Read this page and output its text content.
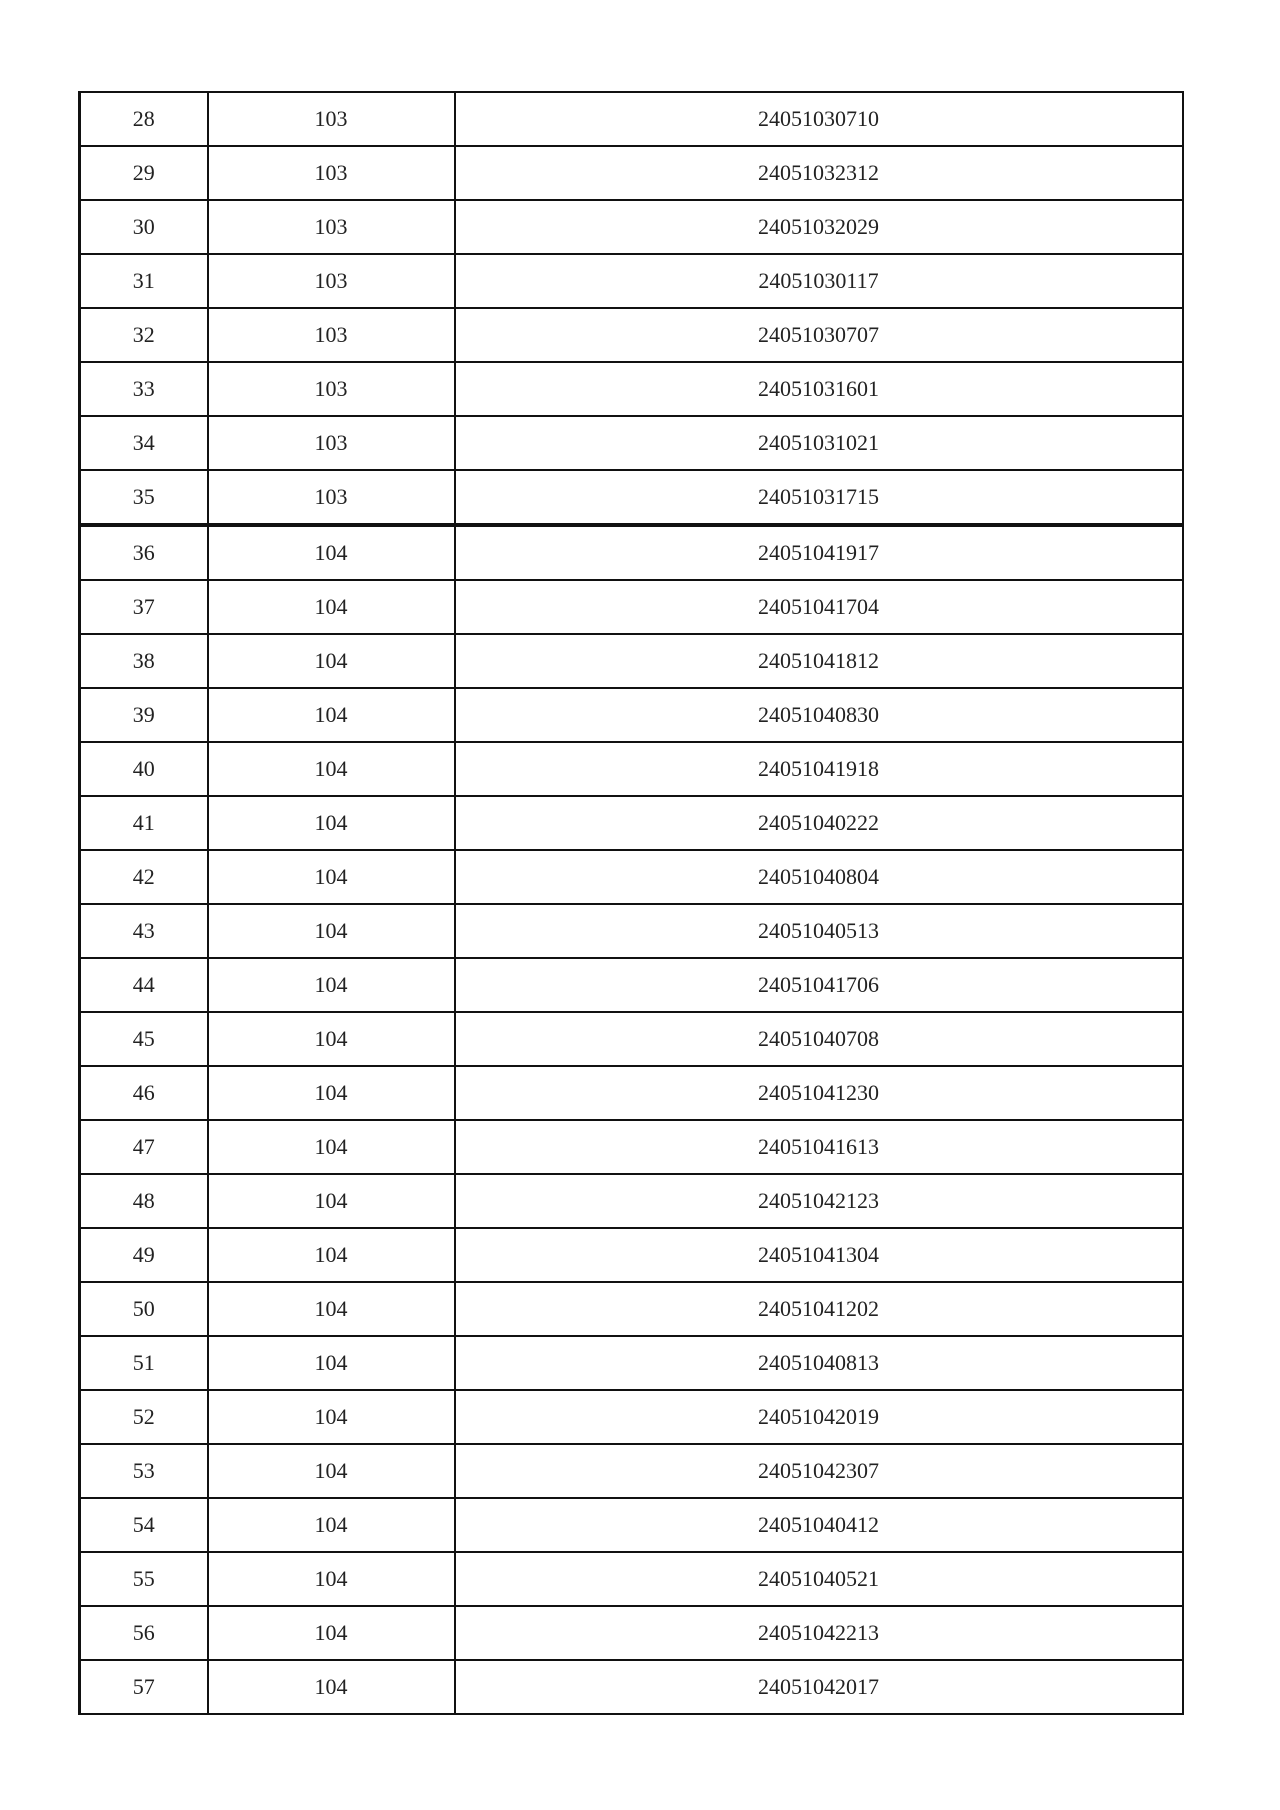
28	103	24051030710
29	103	24051032312
30	103	24051032029
31	103	24051030117
32	103	24051030707
33	103	24051031601
34	103	24051031021
35	103	24051031715
36	104	24051041917
37	104	24051041704
38	104	24051041812
39	104	24051040830
40	104	24051041918
41	104	24051040222
42	104	24051040804
43	104	24051040513
44	104	24051041706
45	104	24051040708
46	104	24051041230
47	104	24051041613
48	104	24051042123
49	104	24051041304
50	104	24051041202
51	104	24051040813
52	104	24051042019
53	104	24051042307
54	104	24051040412
55	104	24051040521
56	104	24051042213
57	104	24051042017
